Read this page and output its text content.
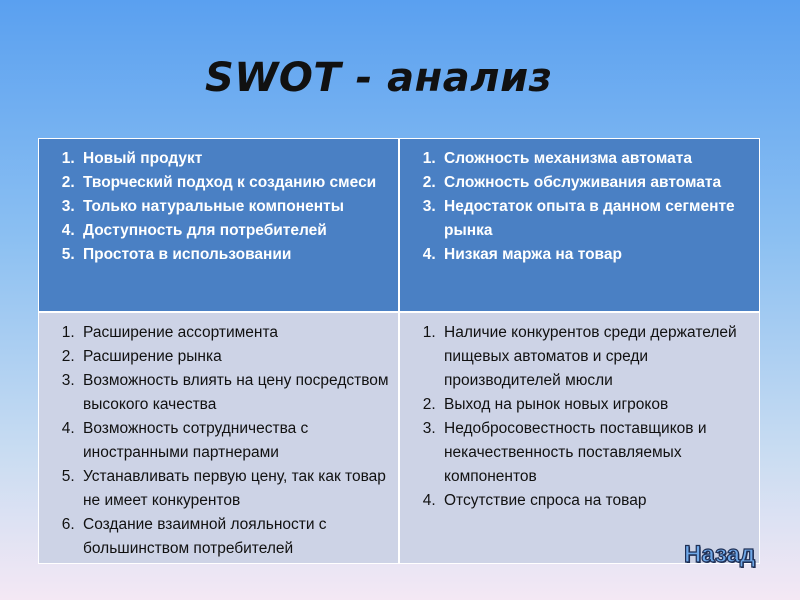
SWOT - анализ
1. Новый продукт
2. Творческий подход к созданию смеси
3. Только натуральные компоненты
4. Доступность для потребителей
5. Простота в использовании
1. Сложность механизма автомата
2. Сложность обслуживания автомата
3. Недостаток опыта в данном сегменте рынка
4. Низкая маржа на товар
1. Расширение ассортимента
2. Расширение рынка
3. Возможность влиять на цену посредством высокого качества
4. Возможность сотрудничества с иностранными партнерами
5. Устанавливать первую цену, так как товар не имеет конкурентов
6. Создание взаимной лояльности с большинством потребителей
1. Наличие конкурентов среди держателей пищевых автоматов и среди производителей мюсли
2. Выход на рынок новых игроков
3. Недобросовестность поставщиков и некачественность поставляемых компонентов
4. Отсутствие спроса на товар
Назад
